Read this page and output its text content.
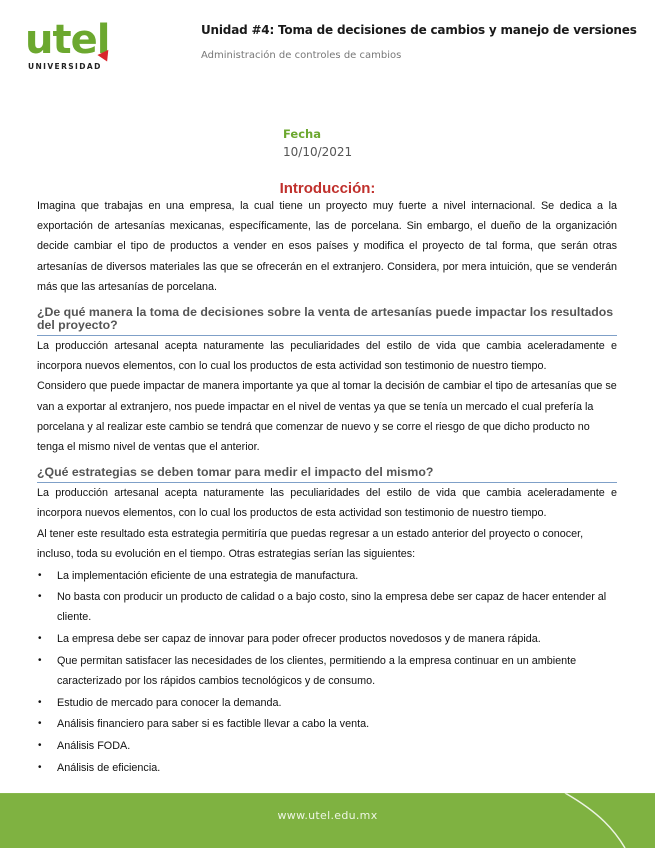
utel
UNIVERSIDAD
Unidad #4: Toma de decisiones de cambios y manejo de versiones
Administración de controles de cambios
Fecha
10/10/2021
Introducción:

Imagina que trabajas en una empresa, la cual tiene un proyecto muy fuerte a nivel internacional. Se dedica a la exportación de artesanías mexicanas, específicamente, las de porcelana. Sin embargo, el dueño de la organización decide cambiar el tipo de productos a vender en esos países y modifica el proyecto de tal forma, que serán otras artesanías de diversos materiales las que se ofrecerán en el extranjero. Considera, por mera intuición, que se venderán más que las artesanías de porcelana.

¿De qué manera la toma de decisiones sobre la venta de artesanías puede impactar los resultados del proyecto?

La producción artesanal acepta naturamente las peculiaridades del estilo de vida que cambia aceleradamente e incorpora nuevos elementos, con lo cual los productos de esta actividad son testimonio de nuestro tiempo.

Considero que puede impactar de manera importante ya que al tomar la decisión de cambiar el tipo de artesanías que se van a exportar al extranjero, nos puede impactar en el nivel de ventas ya que se tenía un mercado el cual prefería la porcelana y al realizar este cambio se tendrá que comenzar de nuevo y se corre el riesgo de que dicho producto no tenga el mismo nivel de ventas que el anterior.

¿Qué estrategias se deben tomar para medir el impacto del mismo?

La producción artesanal acepta naturamente las peculiaridades del estilo de vida que cambia aceleradamente e incorpora nuevos elementos, con lo cual los productos de esta actividad son testimonio de nuestro tiempo.

Al tener este resultado esta estrategia permitiría que puedas regresar a un estado anterior del proyecto o conocer, incluso, toda su evolución en el tiempo. Otras estrategias serían las siguientes:

• La implementación eficiente de una estrategia de manufactura.
• No basta con producir un producto de calidad o a bajo costo, sino la empresa debe ser capaz de hacer entender al cliente.
• La empresa debe ser capaz de innovar para poder ofrecer productos novedosos y de manera rápida.
• Que permitan satisfacer las necesidades de los clientes, permitiendo a la empresa continuar en un ambiente caracterizado por los rápidos cambios tecnológicos y de consumo.
• Estudio de mercado para conocer la demanda.
• Análisis financiero para saber si es factible llevar a cabo la venta.
• Análisis FODA.
• Análisis de eficiencia.
www.utel.edu.mx
